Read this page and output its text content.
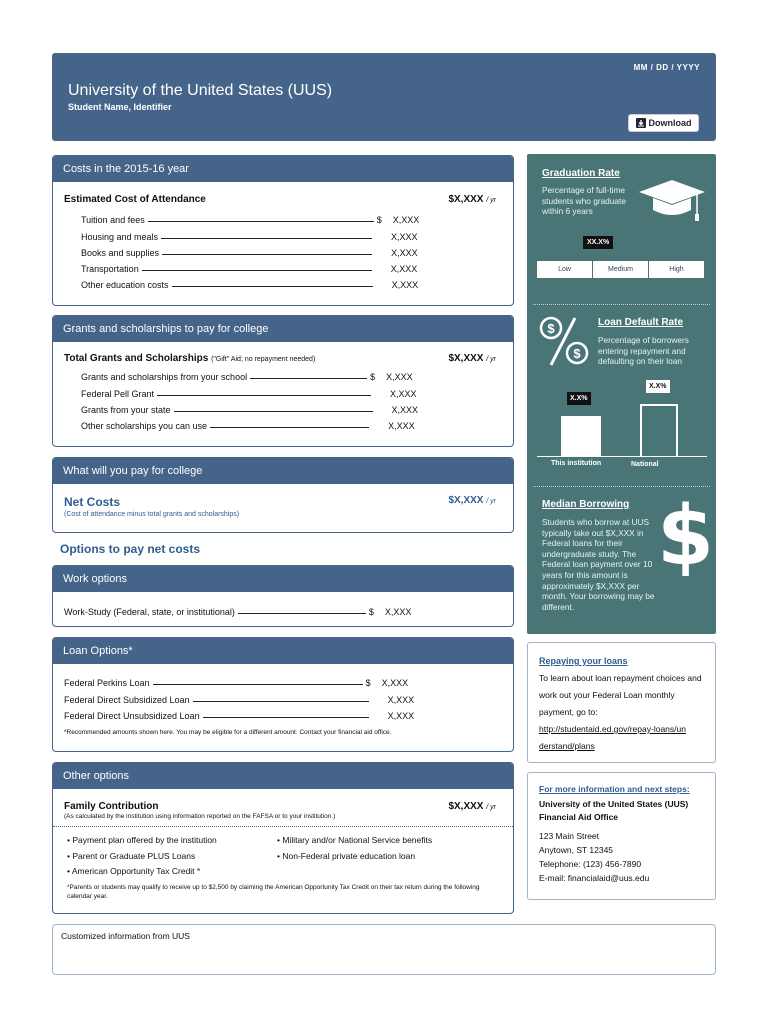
MM / DD / YYYY
University of the United States (UUS)
Student Name, Identifier
Download
Costs in the 2015-16 year
Estimated Cost of Attendance	$X,XXX / yr
Tuition and fees	$	X,XXX
Housing and meals	X,XXX
Books and supplies	X,XXX
Transportation	X,XXX
Other education costs	X,XXX
Grants and scholarships to pay for college
Total Grants and Scholarships ("Gift" Aid; no repayment needed)	$X,XXX / yr
Grants and scholarships from your school	$	X,XXX
Federal Pell Grant	X,XXX
Grants from your state	X,XXX
Other scholarships you can use	X,XXX
What will you pay for college
Net Costs	$X,XXX / yr
(Cost of attendance minus total grants and scholarships)
Options to pay net costs
Work options
Work-Study (Federal, state, or institutional)	$	X,XXX
Loan Options*
Federal Perkins Loan	$	X,XXX
Federal Direct Subsidized Loan	X,XXX
Federal Direct Unsubsidized Loan	X,XXX
*Recommended amounts shown here. You may be eligible for a different amount. Contact your financial aid office.
Other options
Family Contribution	$X,XXX / yr
(As calculated by the institution using information reported on the FAFSA or to your institution.)
• Payment plan offered by the institution
• Parent or Graduate PLUS Loans
• American Opportunity Tax Credit *
• Military and/or National Service benefits
• Non-Federal private education loan
*Parents or students may qualify to receive up to $2,500 by claiming the American Opportunity Tax Credit on their tax return during the following calendar year.
Customized information from UUS
Graduation Rate
Percentage of full-time students who graduate within 6 years
XX.X%
Low	Medium	High
$
$
Loan Default Rate
Percentage of borrowers entering repayment and defaulting on their loan
X.X%
X.X%
This institution	National
Median Borrowing
Students who borrow at UUS typically take out $X,XXX in Federal loans for their undergraduate study. The Federal loan payment over 10 years for this amount is approximately $X,XXX per month. Your borrowing may be different.
$
Repaying your loans
To learn about loan repayment choices and work out your Federal Loan monthly payment, go to:
http://studentaid.ed.gov/repay-loans/understand/plans
For more information and next steps:
University of the United States (UUS)
Financial Aid Office
123 Main Street
Anytown, ST 12345
Telephone: (123) 456-7890
E-mail: financialaid@uus.edu
